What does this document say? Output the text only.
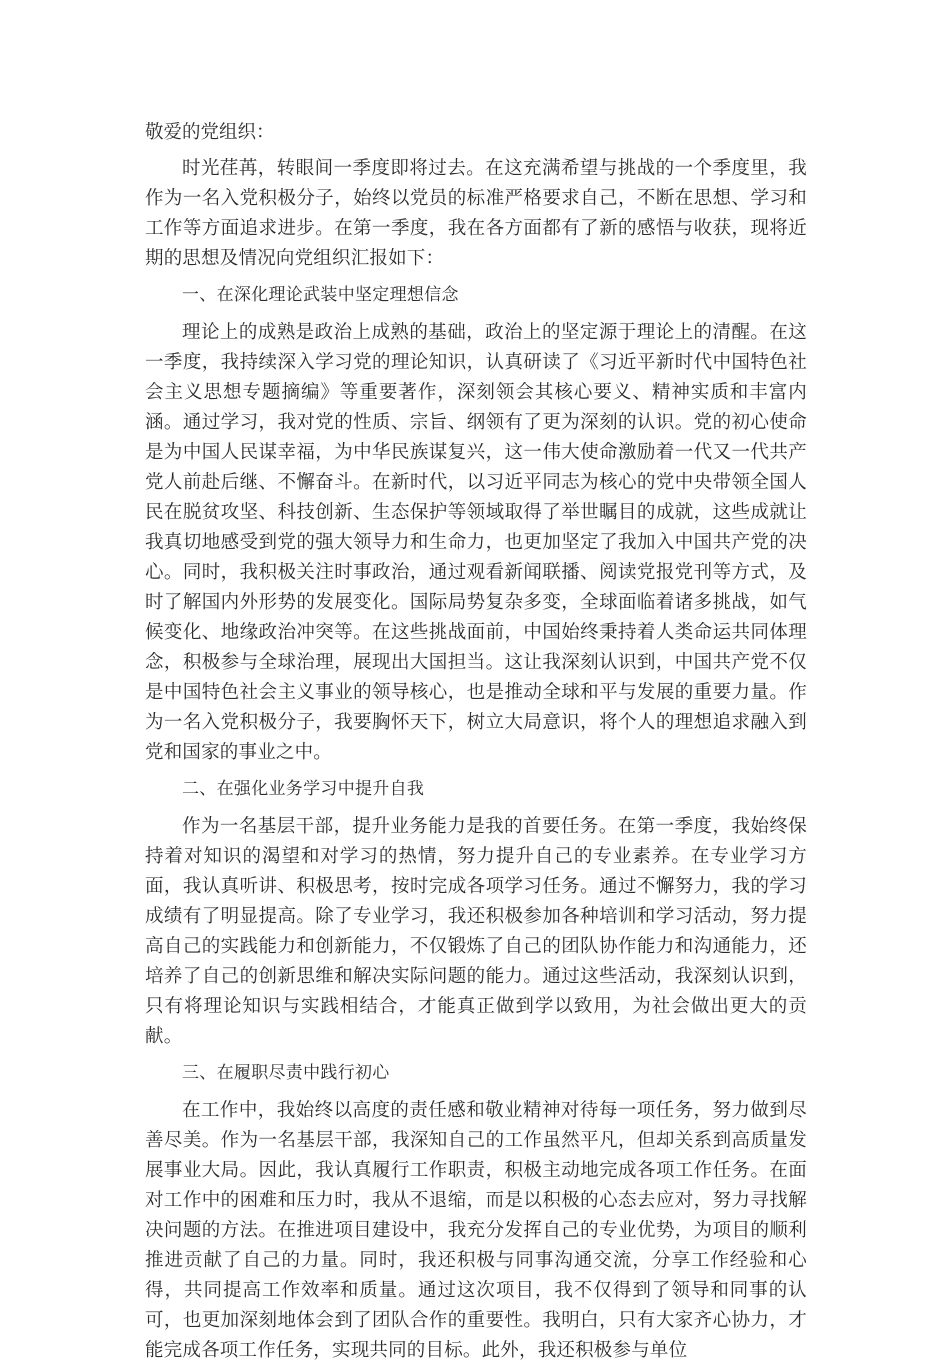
敬爱的党组织：

时光荏苒，转眼间一季度即将过去。在这充满希望与挑战的一个季度里，我作为一名入党积极分子，始终以党员的标准严格要求自己，不断在思想、学习和工作等方面追求进步。在第一季度，我在各方面都有了新的感悟与收获，现将近期的思想及情况向党组织汇报如下：

一、在深化理论武装中坚定理想信念

理论上的成熟是政治上成熟的基础，政治上的坚定源于理论上的清醒。在这一季度，我持续深入学习党的理论知识，认真研读了《习近平新时代中国特色社会主义思想专题摘编》等重要著作，深刻领会其核心要义、精神实质和丰富内涵。通过学习，我对党的性质、宗旨、纲领有了更为深刻的认识。党的初心使命是为中国人民谋幸福，为中华民族谋复兴，这一伟大使命激励着一代又一代共产党人前赴后继、不懈奋斗。在新时代，以习近平同志为核心的党中央带领全国人民在脱贫攻坚、科技创新、生态保护等领域取得了举世瞩目的成就，这些成就让我真切地感受到党的强大领导力和生命力，也更加坚定了我加入中国共产党的决心。同时，我积极关注时事政治，通过观看新闻联播、阅读党报党刊等方式，及时了解国内外形势的发展变化。国际局势复杂多变，全球面临着诸多挑战，如气候变化、地缘政治冲突等。在这些挑战面前，中国始终秉持着人类命运共同体理念，积极参与全球治理，展现出大国担当。这让我深刻认识到，中国共产党不仅是中国特色社会主义事业的领导核心，也是推动全球和平与发展的重要力量。作为一名入党积极分子，我要胸怀天下，树立大局意识，将个人的理想追求融入到党和国家的事业之中。

二、在强化业务学习中提升自我

作为一名基层干部，提升业务能力是我的首要任务。在第一季度，我始终保持着对知识的渴望和对学习的热情，努力提升自己的专业素养。在专业学习方面，我认真听讲、积极思考，按时完成各项学习任务。通过不懈努力，我的学习成绩有了明显提高。除了专业学习，我还积极参加各种培训和学习活动，努力提高自己的实践能力和创新能力，不仅锻炼了自己的团队协作能力和沟通能力，还培养了自己的创新思维和解决实际问题的能力。通过这些活动，我深刻认识到，只有将理论知识与实践相结合，才能真正做到学以致用，为社会做出更大的贡献。

三、在履职尽责中践行初心

在工作中，我始终以高度的责任感和敬业精神对待每一项任务，努力做到尽善尽美。作为一名基层干部，我深知自己的工作虽然平凡，但却关系到高质量发展事业大局。因此，我认真履行工作职责，积极主动地完成各项工作任务。在面对工作中的困难和压力时，我从不退缩，而是以积极的心态去应对，努力寻找解决问题的方法。在推进项目建设中，我充分发挥自己的专业优势，为项目的顺利推进贡献了自己的力量。同时，我还积极与同事沟通交流，分享工作经验和心得，共同提高工作效率和质量。通过这次项目，我不仅得到了领导和同事的认可，也更加深刻地体会到了团队合作的重要性。我明白，只有大家齐心协力，才能完成各项工作任务，实现共同的目标。此外，我还积极参与单位
